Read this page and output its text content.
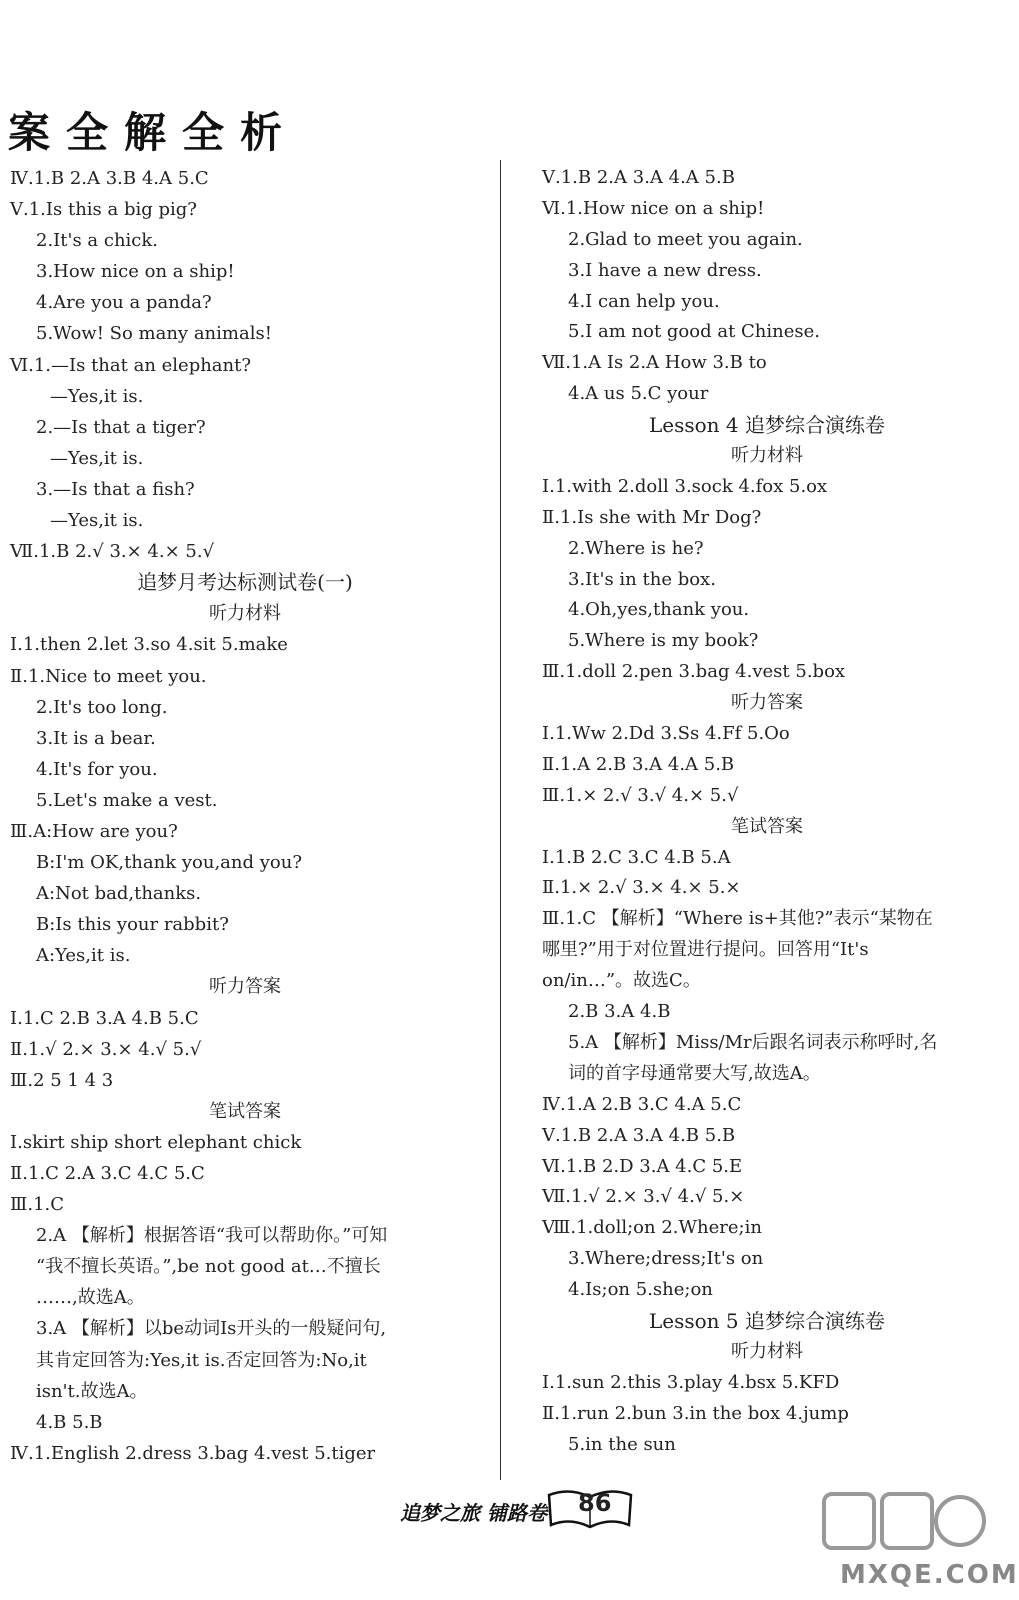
案全解全析
Ⅳ.1.B 2.A 3.B 4.A 5.C
Ⅴ.1.Is this a big pig?
2.It's a chick.
3.How nice on a ship!
4.Are you a panda?
5.Wow! So many animals!
Ⅵ.1.—Is that an elephant?
—Yes,it is.
2.—Is that a tiger?
—Yes,it is.
3.—Is that a fish?
—Yes,it is.
Ⅶ.1.B 2.√ 3.× 4.× 5.√
追梦月考达标测试卷(一)
听力材料
Ⅰ.1.then 2.let 3.so 4.sit 5.make
Ⅱ.1.Nice to meet you.
2.It's too long.
3.It is a bear.
4.It's for you.
5.Let's make a vest.
Ⅲ.A:How are you?
B:I'm OK,thank you,and you?
A:Not bad,thanks.
B:Is this your rabbit?
A:Yes,it is.
听力答案
Ⅰ.1.C 2.B 3.A 4.B 5.C
Ⅱ.1.√ 2.× 3.× 4.√ 5.√
Ⅲ.2 5 1 4 3
笔试答案
Ⅰ.skirt ship short elephant chick
Ⅱ.1.C 2.A 3.C 4.C 5.C
Ⅲ.1.C
2.A 【解析】根据答语“我可以帮助你。”可知
“我不擅长英语。”,be not good at…不擅长
……,故选A。
3.A 【解析】以be动词Is开头的一般疑问句,
其肯定回答为:Yes,it is.否定回答为:No,it
isn't.故选A。
4.B 5.B
Ⅳ.1.English 2.dress 3.bag 4.vest 5.tiger
Ⅴ.1.B 2.A 3.A 4.A 5.B
Ⅵ.1.How nice on a ship!
2.Glad to meet you again.
3.I have a new dress.
4.I can help you.
5.I am not good at Chinese.
Ⅶ.1.A Is 2.A How 3.B to
4.A us 5.C your
Lesson 4 追梦综合演练卷
听力材料
Ⅰ.1.with 2.doll 3.sock 4.fox 5.ox
Ⅱ.1.Is she with Mr Dog?
2.Where is he?
3.It's in the box.
4.Oh,yes,thank you.
5.Where is my book?
Ⅲ.1.doll 2.pen 3.bag 4.vest 5.box
听力答案
Ⅰ.1.Ww 2.Dd 3.Ss 4.Ff 5.Oo
Ⅱ.1.A 2.B 3.A 4.A 5.B
Ⅲ.1.× 2.√ 3.√ 4.× 5.√
笔试答案
Ⅰ.1.B 2.C 3.C 4.B 5.A
Ⅱ.1.× 2.√ 3.× 4.× 5.×
Ⅲ.1.C 【解析】“Where is+其他?”表示“某物在
哪里?”用于对位置进行提问。回答用“It's
on/in…”。故选C。
2.B 3.A 4.B
5.A 【解析】Miss/Mr后跟名词表示称呼时,名
词的首字母通常要大写,故选A。
Ⅳ.1.A 2.B 3.C 4.A 5.C
Ⅴ.1.B 2.A 3.A 4.B 5.B
Ⅵ.1.B 2.D 3.A 4.C 5.E
Ⅶ.1.√ 2.× 3.√ 4.√ 5.×
Ⅷ.1.doll;on 2.Where;in
3.Where;dress;It's on
4.Is;on 5.she;on
Lesson 5 追梦综合演练卷
听力材料
Ⅰ.1.sun 2.this 3.play 4.bsx 5.KFD
Ⅱ.1.run 2.bun 3.in the box 4.jump
5.in the sun
追梦之旅 铺路卷 86
MXQE.COM
